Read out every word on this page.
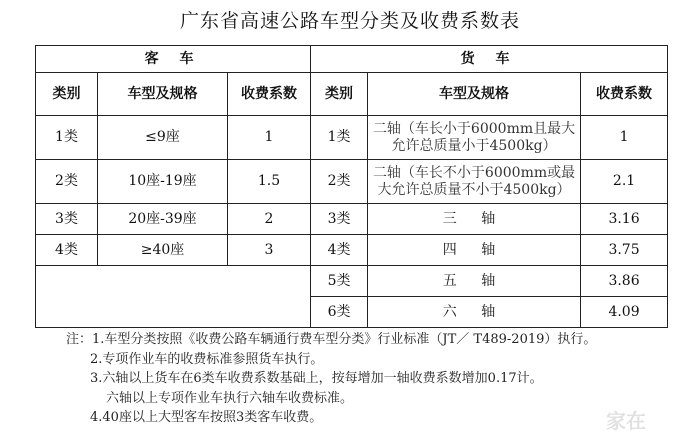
广东省高速公路车型分类及收费系数表
客 车			货 车		
类别	车型及规格	收费系数	类别	车型及规格	收费系数
1类	≤9座	1	1类	二轴（车长小于6000mm且最大允许总质量小于4500kg）	1
2类	10座-19座	1.5	2类	二轴（车长不小于6000mm或最大允许总质量不小于4500kg）	2.1
3类	20座-39座	2	3类	三 轴	3.16
4类	≥40座	3	4类	四 轴	3.75
			5类	五 轴	3.86
			6类	六 轴	4.09
注：1.车型分类按照《收费公路车辆通行费车型分类》行业标准（JT／ T489-2019）执行。
2.专项作业车的收费标准参照货车执行。
3.六轴以上货车在6类车收费系数基础上，按每增加一轴收费系数增加0.17计。
六轴以上专项作业车执行六轴车收费标准。
4.40座以上大型客车按照3类客车收费。	家在
